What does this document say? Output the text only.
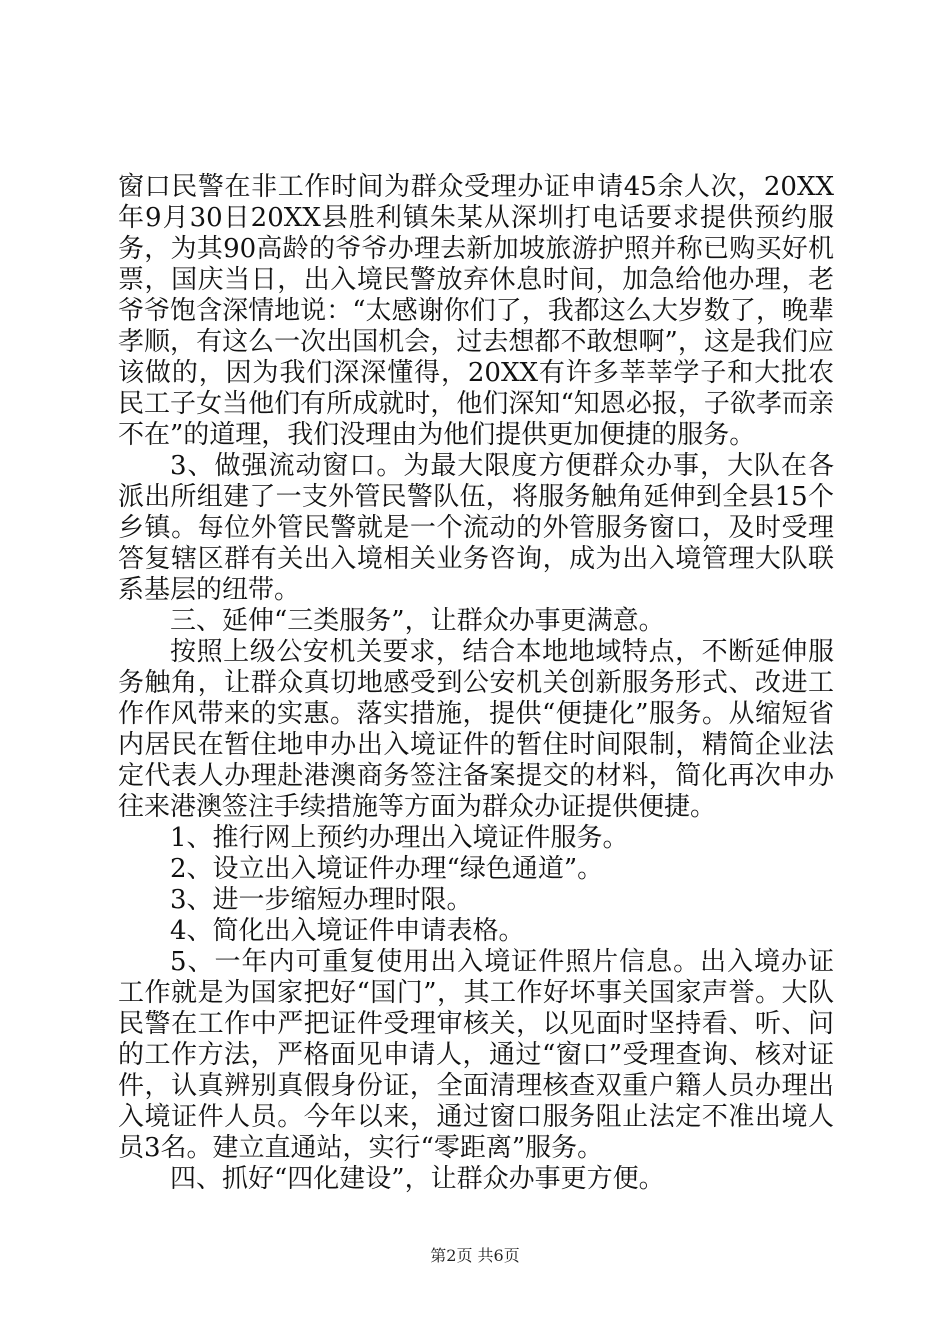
窗口民警在非工作时间为群众受理办证申请45余人次，20XX年9月30日20XX县胜利镇朱某从深圳打电话要求提供预约服务，为其90高龄的爷爷办理去新加坡旅游护照并称已购买好机票，国庆当日，出入境民警放弃休息时间，加急给他办理，老爷爷饱含深情地说：“太感谢你们了，我都这么大岁数了，晚辈孝顺，有这么一次出国机会，过去想都不敢想啊”，这是我们应该做的，因为我们深深懂得，20XX有许多莘莘学子和大批农民工子女当他们有所成就时，他们深知“知恩必报，子欲孝而亲不在”的道理，我们没理由为他们提供更加便捷的服务。

3、做强流动窗口。为最大限度方便群众办事，大队在各派出所组建了一支外管民警队伍，将服务触角延伸到全县15个乡镇。每位外管民警就是一个流动的外管服务窗口，及时受理答复辖区群有关出入境相关业务咨询，成为出入境管理大队联系基层的纽带。

三、延伸“三类服务”，让群众办事更满意。

按照上级公安机关要求，结合本地地域特点，不断延伸服务触角，让群众真切地感受到公安机关创新服务形式、改进工作作风带来的实惠。落实措施，提供“便捷化”服务。从缩短省内居民在暂住地申办出入境证件的暂住时间限制，精简企业法定代表人办理赴港澳商务签注备案提交的材料，简化再次申办往来港澳签注手续措施等方面为群众办证提供便捷。

1、推行网上预约办理出入境证件服务。

2、设立出入境证件办理“绿色通道”。

3、进一步缩短办理时限。

4、简化出入境证件申请表格。

5、一年内可重复使用出入境证件照片信息。出入境办证工作就是为国家把好“国门”，其工作好坏事关国家声誉。大队民警在工作中严把证件受理审核关，以见面时坚持看、听、问的工作方法，严格面见申请人，通过“窗口”受理查询、核对证件，认真辨别真假身份证，全面清理核查双重户籍人员办理出入境证件人员。今年以来，通过窗口服务阻止法定不准出境人员3名。建立直通站，实行“零距离”服务。

四、抓好“四化建设”，让群众办事更方便。

第2页 共6页
